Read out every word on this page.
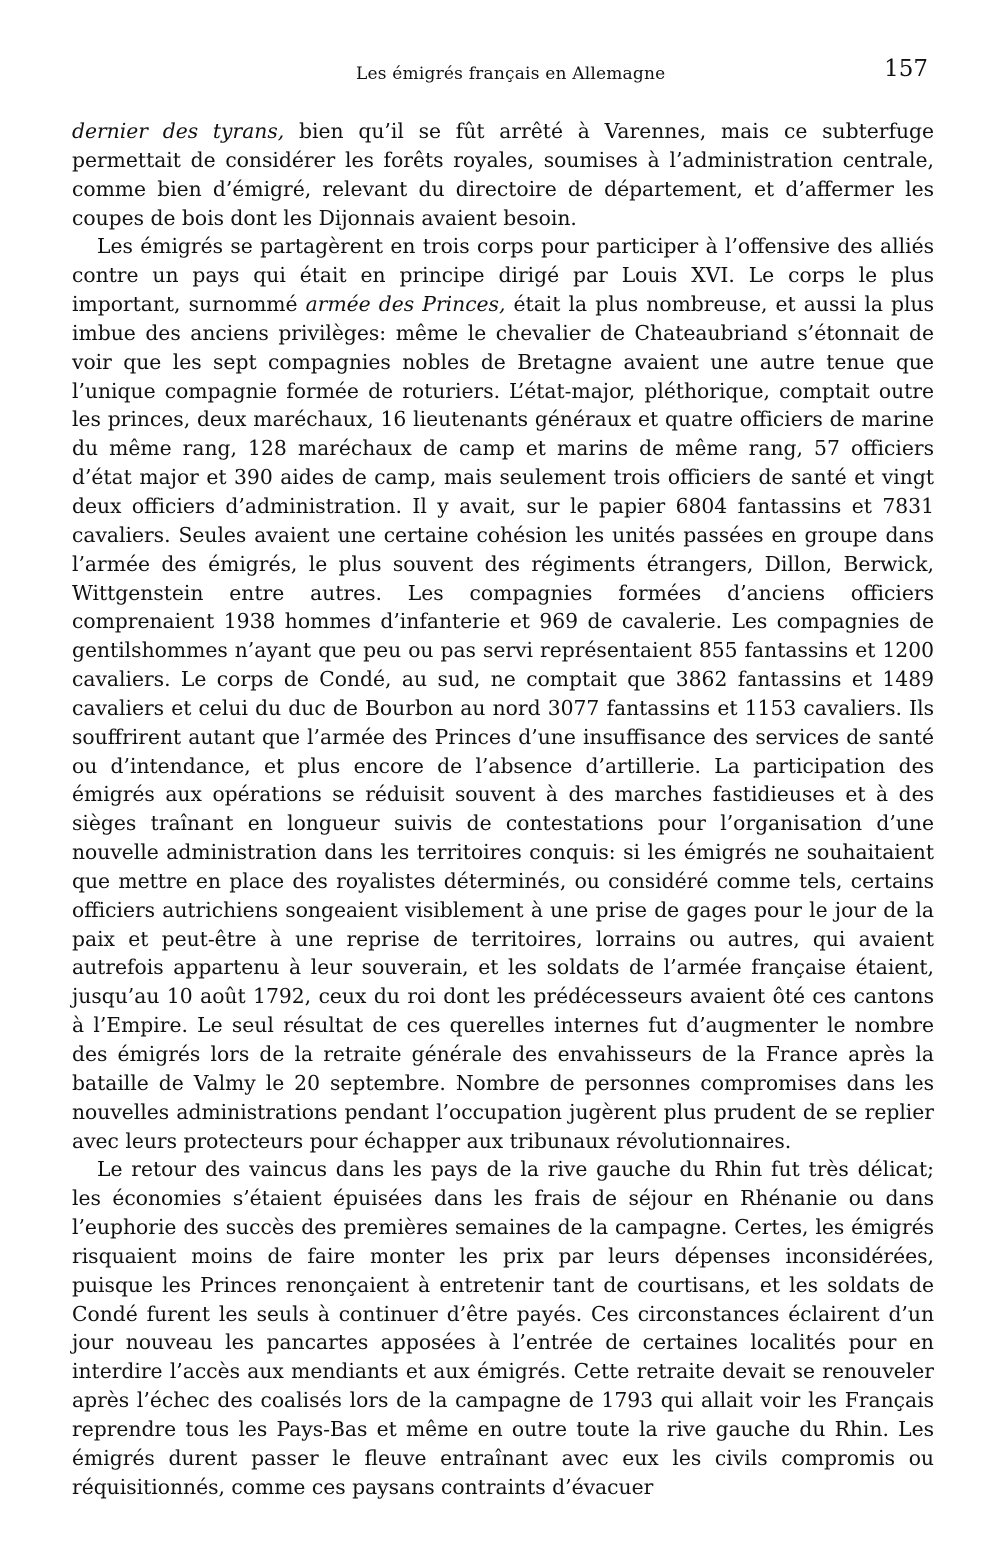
Les émigrés français en Allemagne	157

dernier des tyrans, bien qu’il se fût arrêté à Varennes, mais ce subterfuge permettait de considérer les forêts royales, soumises à l’administration centrale, comme bien d’émigré, relevant du directoire de département, et d’affermer les coupes de bois dont les Dijonnais avaient besoin.

Les émigrés se partagèrent en trois corps pour participer à l’offensive des alliés contre un pays qui était en principe dirigé par Louis XVI. Le corps le plus important, surnommé armée des Princes, était la plus nombreuse, et aussi la plus imbue des anciens privilèges: même le chevalier de Chateaubriand s’étonnait de voir que les sept compagnies nobles de Bretagne avaient une autre tenue que l’unique compagnie formée de roturiers. L’état-major, pléthorique, comptait outre les princes, deux maréchaux, 16 lieutenants généraux et quatre officiers de marine du même rang, 128 maréchaux de camp et marins de même rang, 57 officiers d’état major et 390 aides de camp, mais seulement trois officiers de santé et vingt deux officiers d’administration. Il y avait, sur le papier 6804 fantassins et 7831 cavaliers. Seules avaient une certaine cohésion les unités passées en groupe dans l’armée des émigrés, le plus souvent des régiments étrangers, Dillon, Berwick, Wittgenstein entre autres. Les compagnies formées d’anciens officiers comprenaient 1938 hommes d’infanterie et 969 de cavalerie. Les compagnies de gentilshommes n’ayant que peu ou pas servi représentaient 855 fantassins et 1200 cavaliers. Le corps de Condé, au sud, ne comptait que 3862 fantassins et 1489 cavaliers et celui du duc de Bourbon au nord 3077 fantassins et 1153 cavaliers. Ils souffrirent autant que l’armée des Princes d’une insuffisance des services de santé ou d’intendance, et plus encore de l’absence d’artillerie. La participation des émigrés aux opérations se réduisit souvent à des marches fastidieuses et à des sièges traînant en longueur suivis de contestations pour l’organisation d’une nouvelle administration dans les territoires conquis: si les émigrés ne souhaitaient que mettre en place des royalistes déterminés, ou considéré comme tels, certains officiers autrichiens songeaient visiblement à une prise de gages pour le jour de la paix et peut-être à une reprise de territoires, lorrains ou autres, qui avaient autrefois appartenu à leur souverain, et les soldats de l’armée française étaient, jusqu’au 10 août 1792, ceux du roi dont les prédécesseurs avaient ôté ces cantons à l’Empire. Le seul résultat de ces querelles internes fut d’augmenter le nombre des émigrés lors de la retraite générale des envahisseurs de la France après la bataille de Valmy le 20 septembre. Nombre de personnes compromises dans les nouvelles administrations pendant l’occupation jugèrent plus prudent de se replier avec leurs protecteurs pour échapper aux tribunaux révolutionnaires.

Le retour des vaincus dans les pays de la rive gauche du Rhin fut très délicat; les économies s’étaient épuisées dans les frais de séjour en Rhénanie ou dans l’euphorie des succès des premières semaines de la campagne. Certes, les émigrés risquaient moins de faire monter les prix par leurs dépenses inconsidérées, puisque les Princes renonçaient à entretenir tant de courtisans, et les soldats de Condé furent les seuls à continuer d’être payés. Ces circonstances éclairent d’un jour nouveau les pancartes apposées à l’entrée de certaines localités pour en interdire l’accès aux mendiants et aux émigrés. Cette retraite devait se renouveler après l’échec des coalisés lors de la campagne de 1793 qui allait voir les Français reprendre tous les Pays-Bas et même en outre toute la rive gauche du Rhin. Les émigrés durent passer le fleuve entraînant avec eux les civils compromis ou réquisitionnés, comme ces paysans contraints d’évacuer
